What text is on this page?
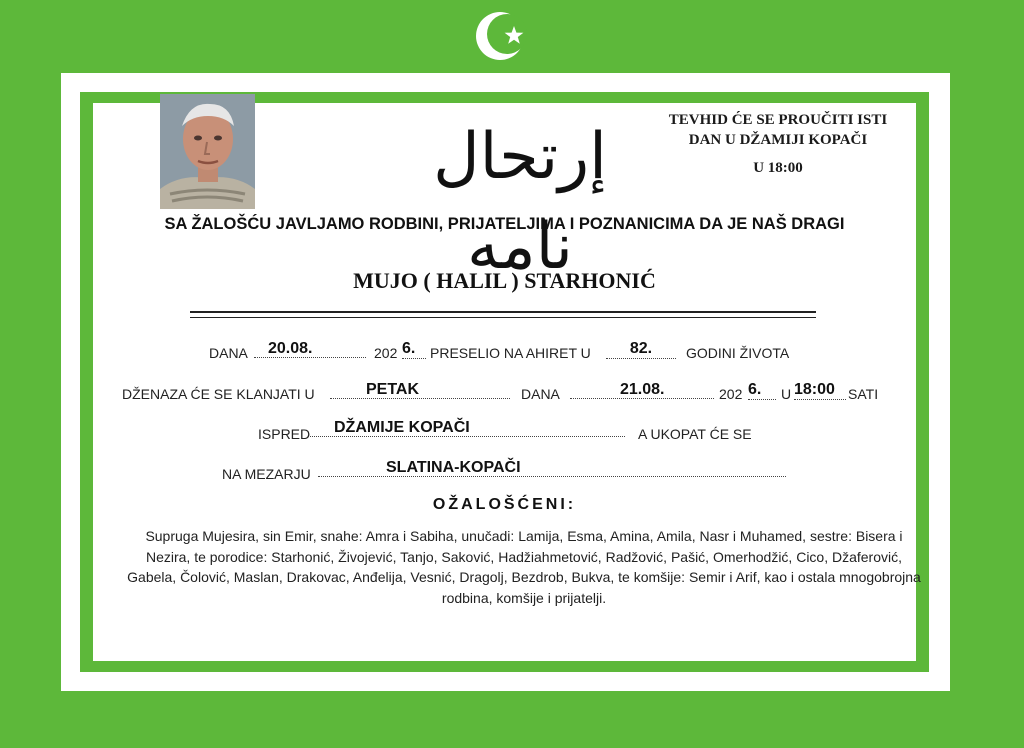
إرتحال نامه
TEVHID ĆE SE PROUČITI ISTI
DAN U DŽAMIJI KOPAČI
U 18:00
SA ŽALOŠĆU JAVLJAMO RODBINI, PRIJATELJIMA I POZNANICIMA DA JE NAŠ DRAGI
MUJO ( HALIL ) STARHONIĆ
DANA	20.08.	202 6.	PRESELIO NA AHIRET U	82.	GODINI ŽIVOTA
DŽENAZA ĆE SE KLANJATI U	PETAK	DANA	21.08.	202 6.	U 18:00 SATI
ISPRED	DŽAMIJE KOPAČI	A UKOPAT ĆE SE
NA MEZARJU	SLATINA-KOPAČI
OŽALOŠĆENI:
Supruga Mujesira, sin Emir, snahe: Amra i Sabiha, unučadi: Lamija, Esma, Amina, Amila, Nasr i Muhamed, sestre: Bisera i Nezira, te porodice: Starhonić, Živojević, Tanjo, Saković, Hadžiahmetović, Radžović, Pašić, Omerhodžić, Cico, Džaferović, Gabela, Čolović, Maslan, Drakovac, Anđelija, Vesnić, Dragolj, Bezdrob, Bukva, te komšije: Semir i Arif, kao i ostala mnogobrojna rodbina, komšije i prijatelji.
